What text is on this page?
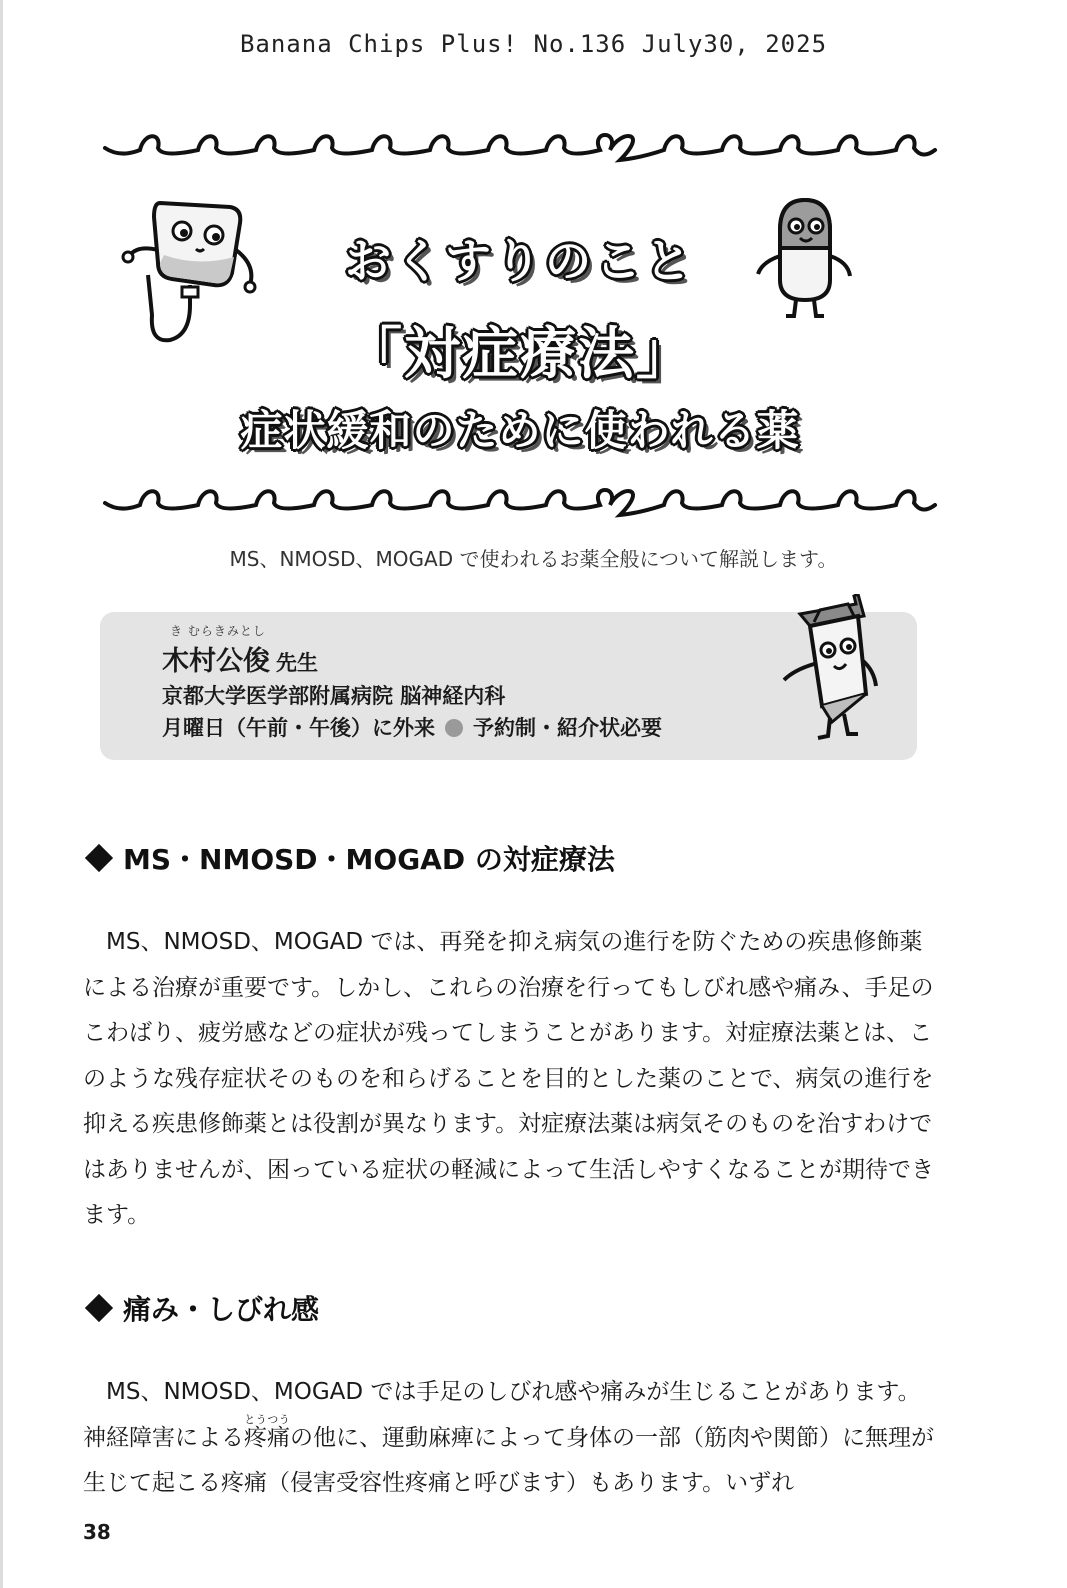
Banana Chips Plus! No.136 July30, 2025
おくすりのこと
「対症療法」
症状緩和のために使われる薬
MS、NMOSD、MOGAD で使われるお薬全般について解説します。
き むらきみとし
木村公俊 先生
京都大学医学部附属病院 脳神経内科
月曜日（午前・午後）に外来 予約制・紹介状必要
MS・NMOSD・MOGAD の対症療法

MS、NMOSD、MOGAD では、再発を抑え病気の進行を防ぐための疾患修飾薬による治療が重要です。しかし、これらの治療を行ってもしびれ感や痛み、手足のこわばり、疲労感などの症状が残ってしまうことがあります。対症療法薬とは、このような残存症状そのものを和らげることを目的とした薬のことで、病気の進行を抑える疾患修飾薬とは役割が異なります。対症療法薬は病気そのものを治すわけではありませんが、困っている症状の軽減によって生活しやすくなることが期待できます。

痛み・しびれ感

MS、NMOSD、MOGAD では手足のしびれ感や痛みが生じることがあります。神経障害による疼痛とうつうの他に、運動麻痺によって身体の一部（筋肉や関節）に無理が生じて起こる疼痛（侵害受容性疼痛と呼びます）もあります。いずれ

38
